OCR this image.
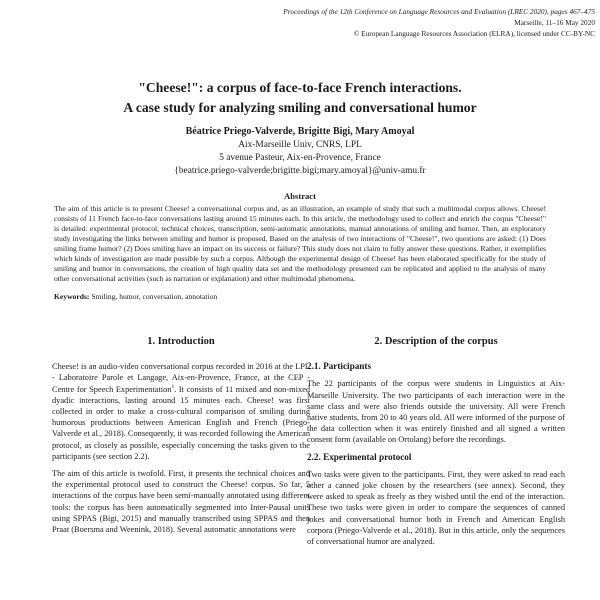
Proceedings of the 12th Conference on Language Resources and Evaluation (LREC 2020), pages 467–475
Marseille, 11–16 May 2020
© European Language Resources Association (ELRA), licensed under CC-BY-NC
"Cheese!": a corpus of face-to-face French interactions.
A case study for analyzing smiling and conversational humor
Béatrice Priego-Valverde, Brigitte Bigi, Mary Amoyal
Aix-Marseille Univ, CNRS, LPL
5 avenue Pasteur, Aix-en-Provence, France
{beatrice.priego-valverde;brigitte.bigi;mary.amoyal}@univ-amu.fr
Abstract
The aim of this article is to present Cheese! a conversational corpus and, as an illustration, an example of study that such a multimodal corpus allows. Cheese! consists of 11 French face-to-face conversations lasting around 15 minutes each. In this article, the methodology used to collect and enrich the corpus "Cheese!" is detailed: experimental protocol, technical choices, transcription, semi-automatic annotations, manual annotations of smiling and humor. Then, an exploratory study investigating the links between smiling and humor is proposed. Based on the analysis of two interactions of "Cheese!", two questions are asked: (1) Does smiling frame humor? (2) Does smiling have an impact on its success or failure? This study does not claim to fully answer these questions. Rather, it exemplifies which kinds of investigation are made possible by such a corpus. Although the experimental design of Cheese! has been elaborated specifically for the study of smiling and humor in conversations, the creation of high quality data set and the methodology presented can be replicated and applied to the analysis of many other conversational activities (such as narration or explanation) and other multimodal phenomena.
Keywords: Smiling, humor, conversation, annotation
1. Introduction

Cheese! is an audio-video conversational corpus recorded in 2016 at the LPL - Laboratoire Parole et Langage, Aix-en-Provence, France, at the CEP - Centre for Speech Experimentation$^1$. It consists of 11 mixed and non-mixed dyadic interactions, lasting around 15 minutes each. Cheese! was first collected in order to make a cross-cultural comparison of smiling during humorous productions between American English and French (Priego-Valverde et al., 2018). Consequently, it was recorded following the American protocol, as closely as possible, especially concerning the tasks given to the participants (see section 2.2).

The aim of this article is twofold. First, it presents the technical choices and the experimental protocol used to construct the Cheese! corpus. So far, 5 interactions of the corpus have been semi-manually annotated using different tools: the corpus has been automatically segmented into Inter-Pausal units using SPPAS (Bigi, 2015) and manually transcribed using SPPAS and then Praat (Boersma and Weenink, 2018). Several automatic annotations were

2. Description of the corpus
2.1. Participants

The 22 participants of the corpus were students in Linguistics at Aix-Marseille University. The two participants of each interaction were in the same class and were also friends outside the university. All were French native students, from 20 to 40 years old. All were informed of the purpose of the data collection when it was entirely finished and all signed a written consent form (available on Ortolang) before the recordings.

2.2. Experimental protocol

Two tasks were given to the participants. First, they were asked to read each other a canned joke chosen by the researchers (see annex). Second, they were asked to speak as freely as they wished until the end of the interaction. These two tasks were given in order to compare the sequences of canned jokes and conversational humor both in French and American English corpora (Priego-Valverde et al., 2018). But in this article, only the sequences of conversational humor are analyzed.
